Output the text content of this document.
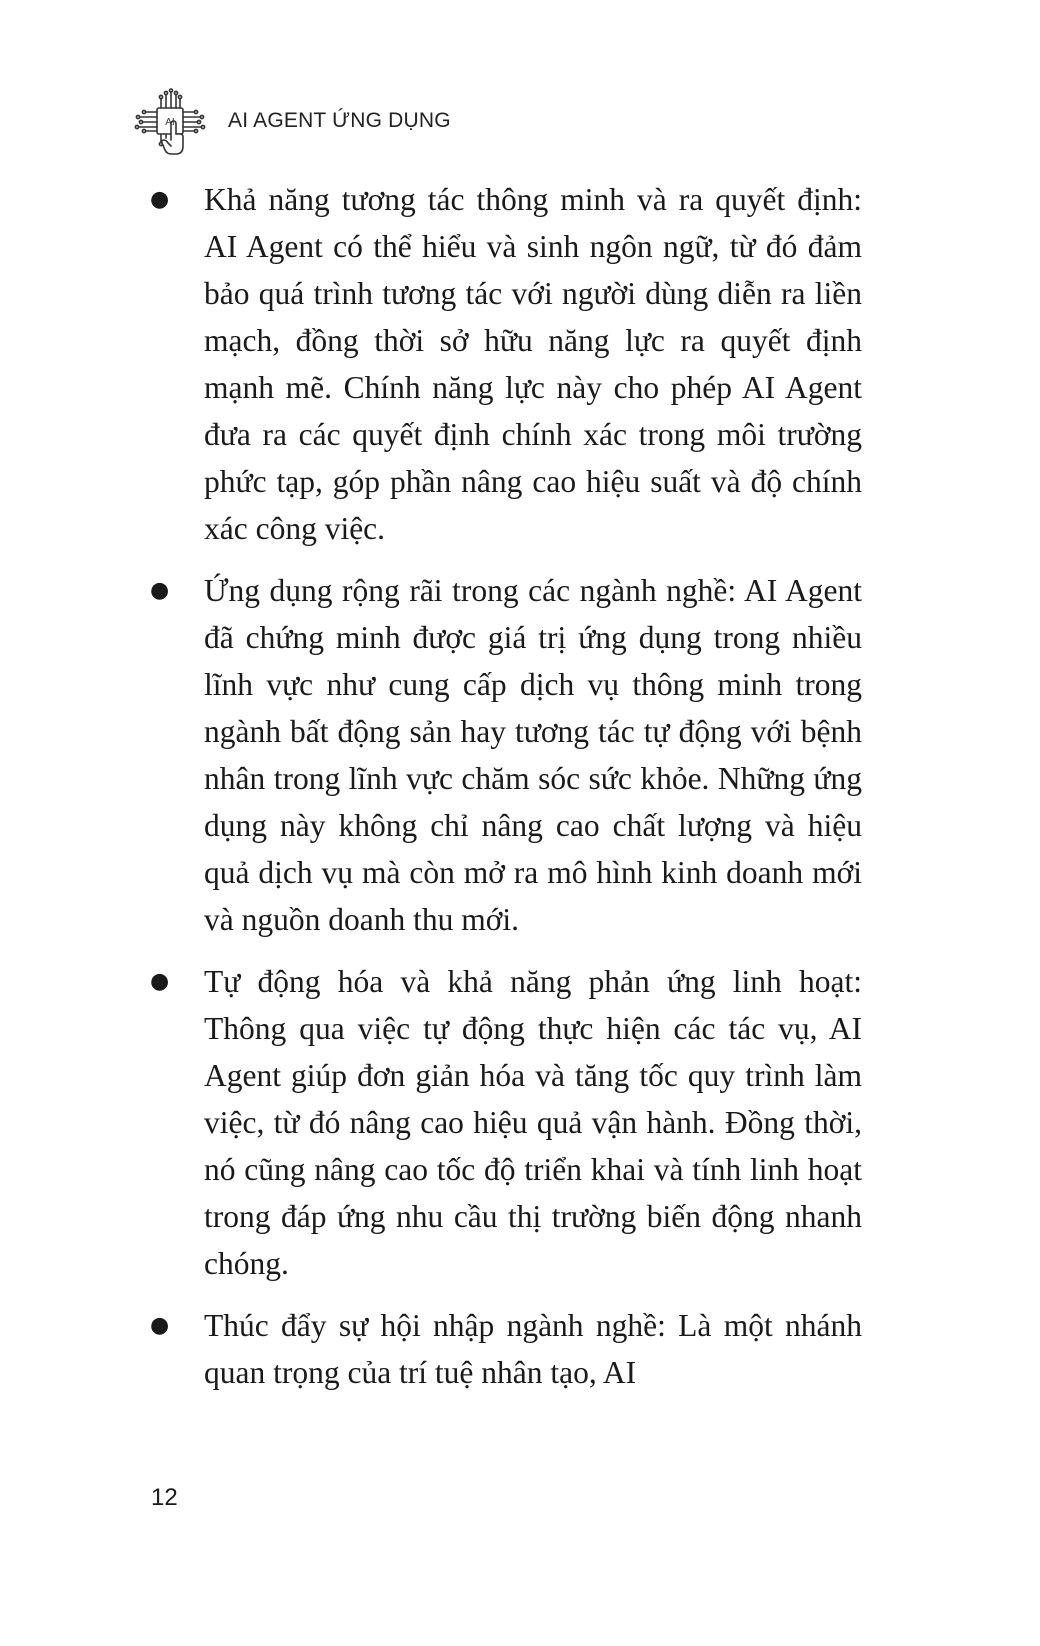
AI	AI AGENT ỨNG DỤNG
●	Khả năng tương tác thông minh và ra quyết định: AI Agent có thể hiểu và sinh ngôn ngữ, từ đó đảm bảo quá trình tương tác với người dùng diễn ra liền mạch, đồng thời sở hữu năng lực ra quyết định mạnh mẽ. Chính năng lực này cho phép AI Agent đưa ra các quyết định chính xác trong môi trường phức tạp, góp phần nâng cao hiệu suất và độ chính xác công việc.

●	Ứng dụng rộng rãi trong các ngành nghề: AI Agent đã chứng minh được giá trị ứng dụng trong nhiều lĩnh vực như cung cấp dịch vụ thông minh trong ngành bất động sản hay tương tác tự động với bệnh nhân trong lĩnh vực chăm sóc sức khỏe. Những ứng dụng này không chỉ nâng cao chất lượng và hiệu quả dịch vụ mà còn mở ra mô hình kinh doanh mới và nguồn doanh thu mới.

●	Tự động hóa và khả năng phản ứng linh hoạt: Thông qua việc tự động thực hiện các tác vụ, AI Agent giúp đơn giản hóa và tăng tốc quy trình làm việc, từ đó nâng cao hiệu quả vận hành. Đồng thời, nó cũng nâng cao tốc độ triển khai và tính linh hoạt trong đáp ứng nhu cầu thị trường biến động nhanh chóng.

●	Thúc đẩy sự hội nhập ngành nghề: Là một nhánh quan trọng của trí tuệ nhân tạo, AI

12
